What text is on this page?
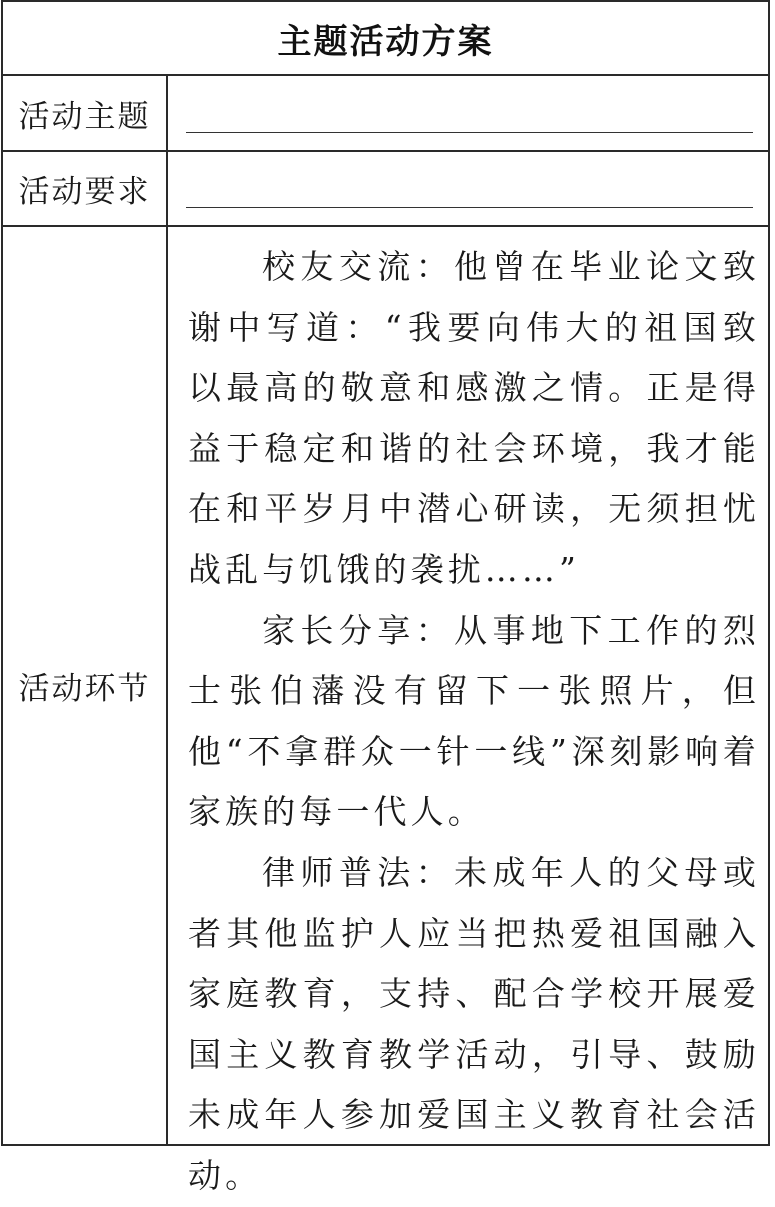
主题活动方案
活动主题
活动要求
活动环节

校友交流：他曾在毕业论文致谢中写道：“我要向伟大的祖国致以最高的敬意和感激之情。正是得益于稳定和谐的社会环境，我才能在和平岁月中潜心研读，无须担忧战乱与饥饿的袭扰……”

家长分享：从事地下工作的烈士张伯藩没有留下一张照片，但他“不拿群众一针一线”深刻影响着家族的每一代人。

律师普法：未成年人的父母或者其他监护人应当把热爱祖国融入家庭教育，支持、配合学校开展爱国主义教育教学活动，引导、鼓励未成年人参加爱国主义教育社会活动。
